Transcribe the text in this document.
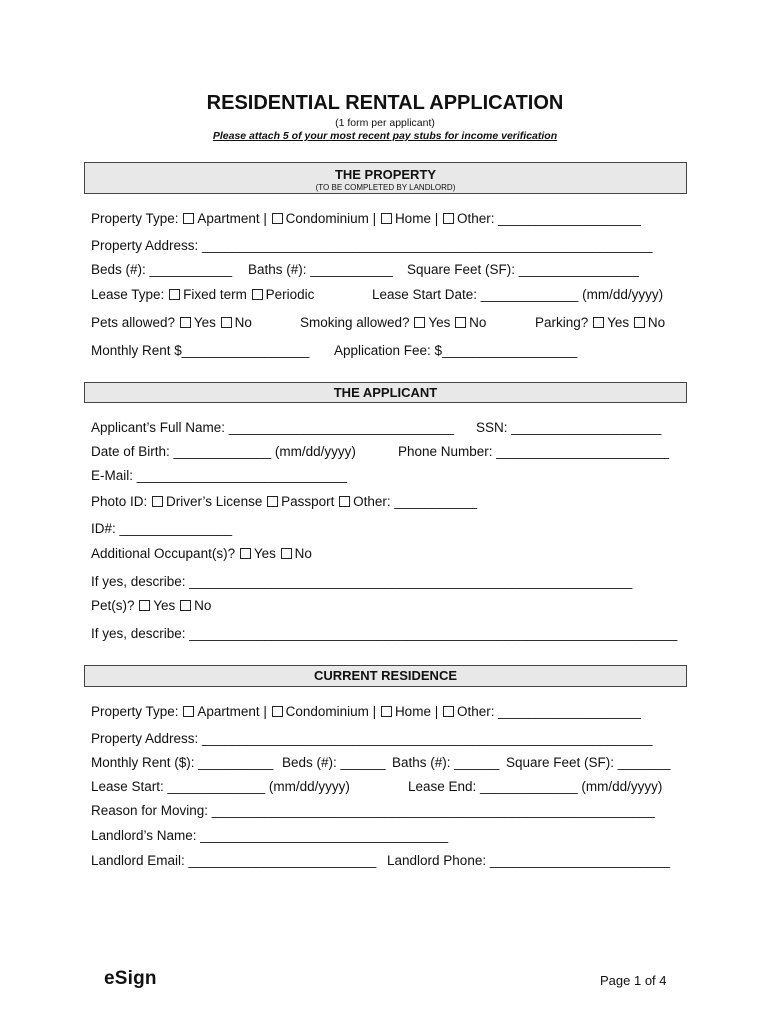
RESIDENTIAL RENTAL APPLICATION
(1 form per applicant)
Please attach 5 of your most recent pay stubs for income verification
THE PROPERTY
(TO BE COMPLETED BY LANDLORD)
Property Type: Apartment | Condominium | Home | Other: ___________________
Property Address: ____________________________________________________________
Beds (#): ___________ Baths (#): ___________ Square Feet (SF): ________________
Lease Type: Fixed term Periodic	Lease Start Date: _____________ (mm/dd/yyyy)
Pets allowed? Yes No	Smoking allowed? Yes No	Parking? Yes No
Monthly Rent $_________________ Application Fee: $__________________
THE APPLICANT
Applicant’s Full Name: ______________________________ SSN: ____________________
Date of Birth: _____________ (mm/dd/yyyy)	Phone Number: _______________________
E-Mail: ____________________________
Photo ID: Driver’s License Passport Other: ___________
ID#: _______________
Additional Occupant(s)? Yes No
If yes, describe: ___________________________________________________________
Pet(s)? Yes No
If yes, describe: _________________________________________________________________
CURRENT RESIDENCE
Property Type: Apartment | Condominium | Home | Other: ___________________
Property Address: ____________________________________________________________
Monthly Rent ($): __________ Beds (#): ______ Baths (#): ______ Square Feet (SF): _______
Lease Start: _____________ (mm/dd/yyyy)	Lease End: _____________ (mm/dd/yyyy)
Reason for Moving: ___________________________________________________________
Landlord’s Name: _________________________________
Landlord Email: _________________________ Landlord Phone: ________________________
eSign	Page 1 of 4
